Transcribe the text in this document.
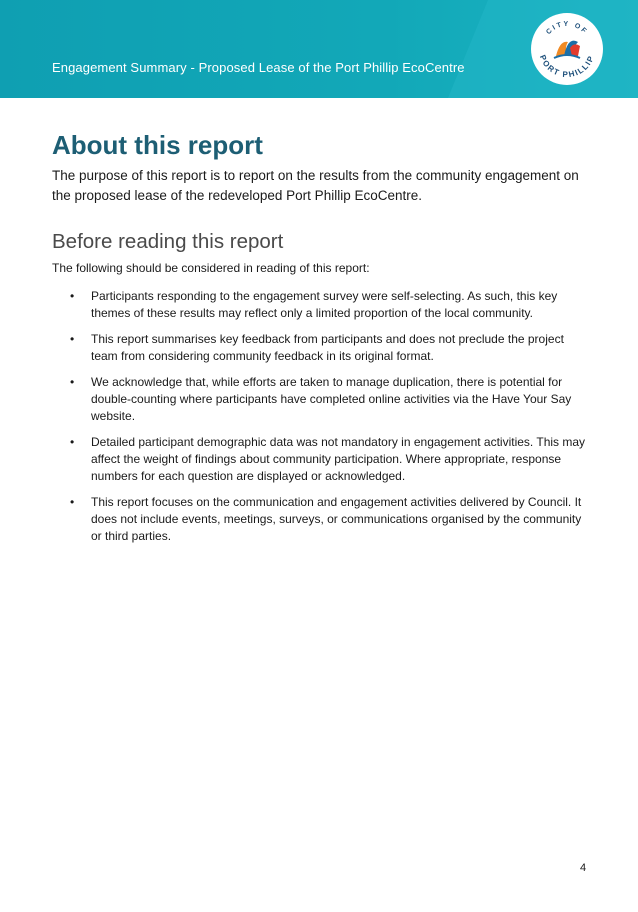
Engagement Summary - Proposed Lease of the Port Phillip EcoCentre
CITY OF
PORT PHILLIP
About this report

The purpose of this report is to report on the results from the community engagement on the proposed lease of the redeveloped Port Phillip EcoCentre.

Before reading this report

The following should be considered in reading of this report:

• Participants responding to the engagement survey were self-selecting. As such, this key themes of these results may reflect only a limited proportion of the local community.
• This report summarises key feedback from participants and does not preclude the project team from considering community feedback in its original format.
• We acknowledge that, while efforts are taken to manage duplication, there is potential for double-counting where participants have completed online activities via the Have Your Say website.
• Detailed participant demographic data was not mandatory in engagement activities. This may affect the weight of findings about community participation. Where appropriate, response numbers for each question are displayed or acknowledged.
• This report focuses on the communication and engagement activities delivered by Council. It does not include events, meetings, surveys, or communications organised by the community or third parties.
4
